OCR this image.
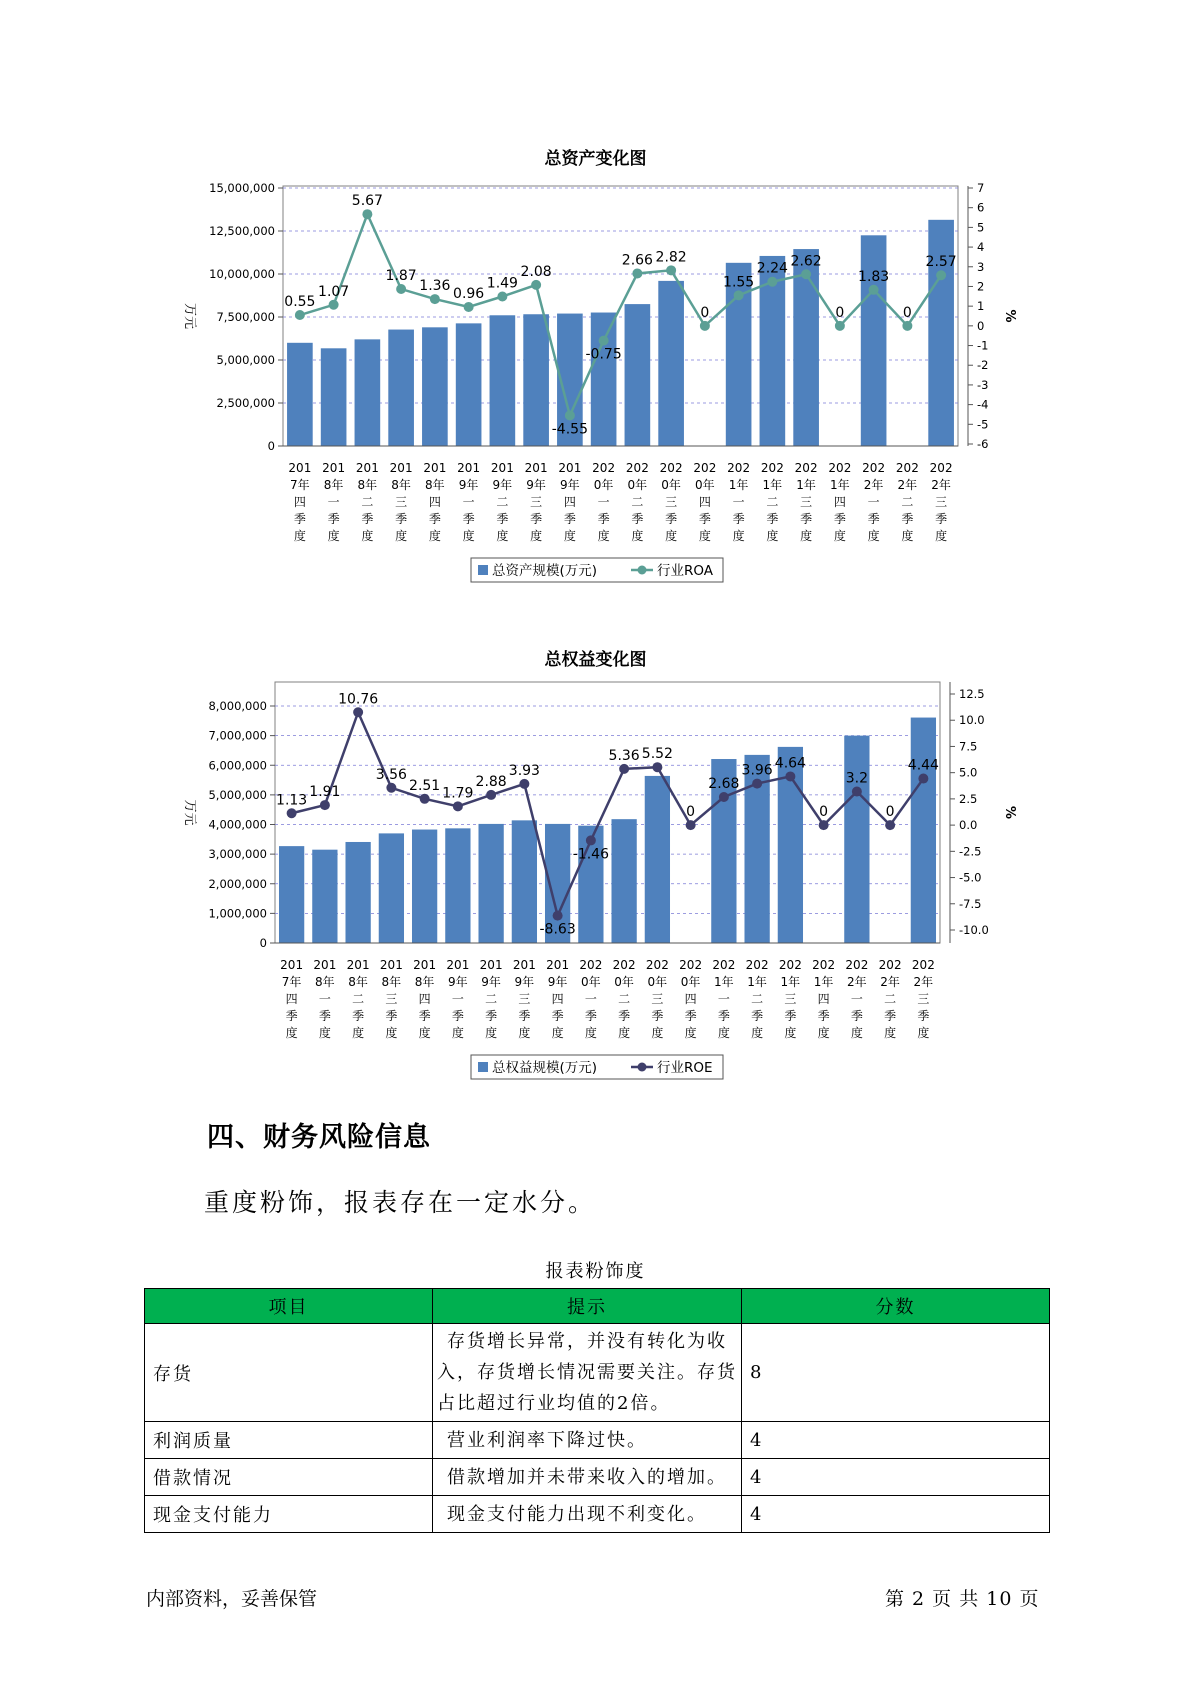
总资产变化图
0
2,500,000
5,000,000
7,500,000
10,000,000
12,500,000
15,000,000
-6
-5
-4
-3
-2
-1
0
1
2
3
4
5
6
7
万元	%
201
7年
四
季
度
201
8年
一
季
度
201
8年
二
季
度
201
8年
三
季
度
201
8年
四
季
度
201
9年
一
季
度
201
9年
二
季
度
201
9年
三
季
度
201
9年
四
季
度
202
0年
一
季
度
202
0年
二
季
度
202
0年
三
季
度
202
0年
四
季
度
202
1年
一
季
度
202
1年
二
季
度
202
1年
三
季
度
202
1年
四
季
度
202
2年
一
季
度
202
2年
二
季
度
202
2年
三
季
度
0.55
1.07
5.67
1.87
1.36 0.96
1.49
2.08
-4.55
-0.75
2.66 2.82
0
1.55
2.24 2.62
0
1.83
0
2.57
总资产规模(万元)	行业ROA
总权益变化图
0
1,000,000
2,000,000
3,000,000
4,000,000
5,000,000
6,000,000
7,000,000
8,000,000
-10.0
-7.5
-5.0
-2.5
0.0
2.5
5.0
7.5
10.0
12.5
万元	%
201
7年
四
季
度
201
8年
一
季
度
201
8年
二
季
度
201
8年
三
季
度
201
8年
四
季
度
201
9年
一
季
度
201
9年
二
季
度
201
9年
三
季
度
201
9年
四
季
度
202
0年
一
季
度
202
0年
二
季
度
202
0年
三
季
度
202
0年
四
季
度
202
1年
一
季
度
202
1年
二
季
度
202
1年
三
季
度
202
1年
四
季
度
202
2年
一
季
度
202
2年
二
季
度
202
2年
三
季
度
1.13
1.91
10.76
3.56
2.51 1.79
2.88
3.93
-8.63
-1.46
5.36 5.52
0
2.68
3.96 4.64
0
3.2
0
4.44
总权益规模(万元)	行业ROE
四、财务风险信息
重度粉饰，报表存在一定水分。
报表粉饰度
项目	提示	分数
存货	存货增长异常，并没有转化为收
入，存货增长情况需要关注。存货
占比超过行业均值的2倍。	8
利润质量	营业利润率下降过快。	4
借款情况	借款增加并未带来收入的增加。	4
现金支付能力	现金支付能力出现不利变化。	4
内部资料，妥善保管	第 2 页 共 10 页
